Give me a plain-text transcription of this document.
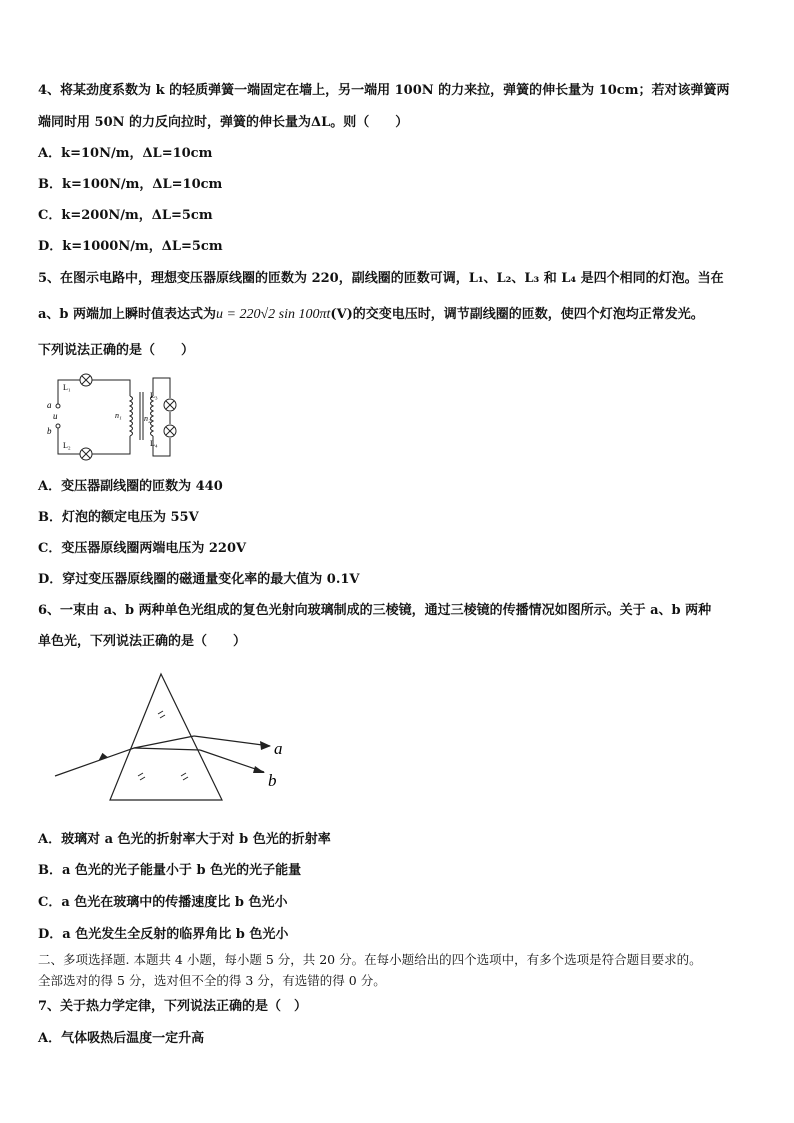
4、将某劲度系数为 k 的轻质弹簧一端固定在墙上，另一端用 100N 的力来拉，弹簧的伸长量为 10cm；若对该弹簧两
端同时用 50N 的力反向拉时，弹簧的伸长量为ΔL。则（　　）
A．k=10N/m，ΔL=10cm
B．k=100N/m，ΔL=10cm
C．k=200N/m，ΔL=5cm
D．k=1000N/m，ΔL=5cm
5、在图示电路中，理想变压器原线圈的匝数为 220，副线圈的匝数可调，L₁、L₂、L₃ 和 L₄ 是四个相同的灯泡。当在
a、b 两端加上瞬时值表达式为u = 220√2 sin 100πt(V)的交变电压时，调节副线圈的匝数，使四个灯泡均正常发光。
下列说法正确的是（　　）
L₁
L₂
L₃
L₄
a
u
b
n₁	n₂
A．变压器副线圈的匝数为 440
B．灯泡的额定电压为 55V
C．变压器原线圈两端电压为 220V
D．穿过变压器原线圈的磁通量变化率的最大值为 0.1V
6、一束由 a、b 两种单色光组成的复色光射向玻璃制成的三棱镜，通过三棱镜的传播情况如图所示。关于 a、b 两种
单色光，下列说法正确的是（　　）
a
b
A．玻璃对 a 色光的折射率大于对 b 色光的折射率
B．a 色光的光子能量小于 b 色光的光子能量
C．a 色光在玻璃中的传播速度比 b 色光小
D．a 色光发生全反射的临界角比 b 色光小
二、多项选择题. 本题共 4 小题，每小题 5 分，共 20 分。在每小题给出的四个选项中，有多个选项是符合题目要求的。
全部选对的得 5 分，选对但不全的得 3 分，有选错的得 0 分。
7、关于热力学定律，下列说法正确的是（　）
A．气体吸热后温度一定升高
